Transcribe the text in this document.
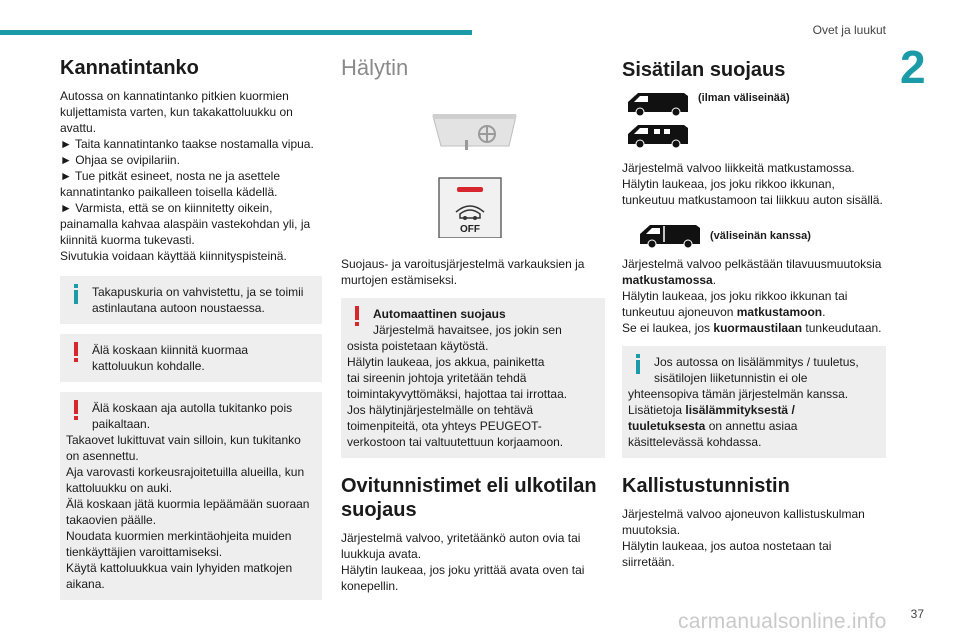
Ovet ja luukut
2
Kannatintanko

Autossa on kannatintanko pitkien kuormien

kuljettamista varten, kun takakattoluukku on

avattu.

► Taita kannatintanko taakse nostamalla vipua.

► Ohjaa se ovipilariin.

► Tue pitkät esineet, nosta ne ja asettele

kannatintanko paikalleen toisella kädellä.

► Varmista, että se on kiinnitetty oikein,

painamalla kahvaa alaspäin vastekohdan yli, ja

kiinnitä kuorma tukevasti.

Sivutukia voidaan käyttää kiinnityspisteinä.

Takapuskuria on vahvistettu, ja se toimii

astinlautana autoon noustaessa.

Älä koskaan kiinnitä kuormaa

kattoluukun kohdalle.

Älä koskaan aja autolla tukitanko pois

paikaltaan.

Takaovet lukittuvat vain silloin, kun tukitanko

on asennettu.

Aja varovasti korkeusrajoitetuilla alueilla, kun

kattoluukku on auki.

Älä koskaan jätä kuormia lepäämään suoraan

takaovien päälle.

Noudata kuormien merkintäohjeita muiden

tienkäyttäjien varoittamiseksi.

Käytä kattoluukkua vain lyhyiden matkojen

aikana.

Hälytin
OFF

Suojaus- ja varoitusjärjestelmä varkauksien ja

murtojen estämiseksi.

Automaattinen suojaus

Järjestelmä havaitsee, jos jokin sen

osista poistetaan käytöstä.

Hälytin laukeaa, jos akkua, painiketta

tai sireenin johtoja yritetään tehdä

toimintakyvyttömäksi, hajottaa tai irrottaa.

Jos hälytinjärjestelmälle on tehtävä

toimenpiteitä, ota yhteys PEUGEOT-

verkostoon tai valtuutettuun korjaamoon.

Ovitunnistimet eli ulkotilan suojaus

Järjestelmä valvoo, yritetäänkö auton ovia tai

luukkuja avata.

Hälytin laukeaa, jos joku yrittää avata oven tai

konepellin.

Sisätilan suojaus
(ilman väliseinää)

Järjestelmä valvoo liikkeitä matkustamossa.

Hälytin laukeaa, jos joku rikkoo ikkunan,

tunkeutuu matkustamoon tai liikkuu auton sisällä.

(väliseinän kanssa)

Järjestelmä valvoo pelkästään tilavuusmuutoksia

matkustamossa.

Hälytin laukeaa, jos joku rikkoo ikkunan tai

tunkeutuu ajoneuvon matkustamoon.

Se ei laukea, jos kuormaustilaan tunkeudutaan.

Jos autossa on lisälämmitys / tuuletus,

sisätilojen liiketunnistin ei ole

yhteensopiva tämän järjestelmän kanssa.

Lisätietoja lisälämmityksestä /

tuuletuksesta on annettu asiaa

käsittelevässä kohdassa.

Kallistustunnistin

Järjestelmä valvoo ajoneuvon kallistuskulman

muutoksia.

Hälytin laukeaa, jos autoa nostetaan tai

siirretään.

37
carmanualsonline.info
